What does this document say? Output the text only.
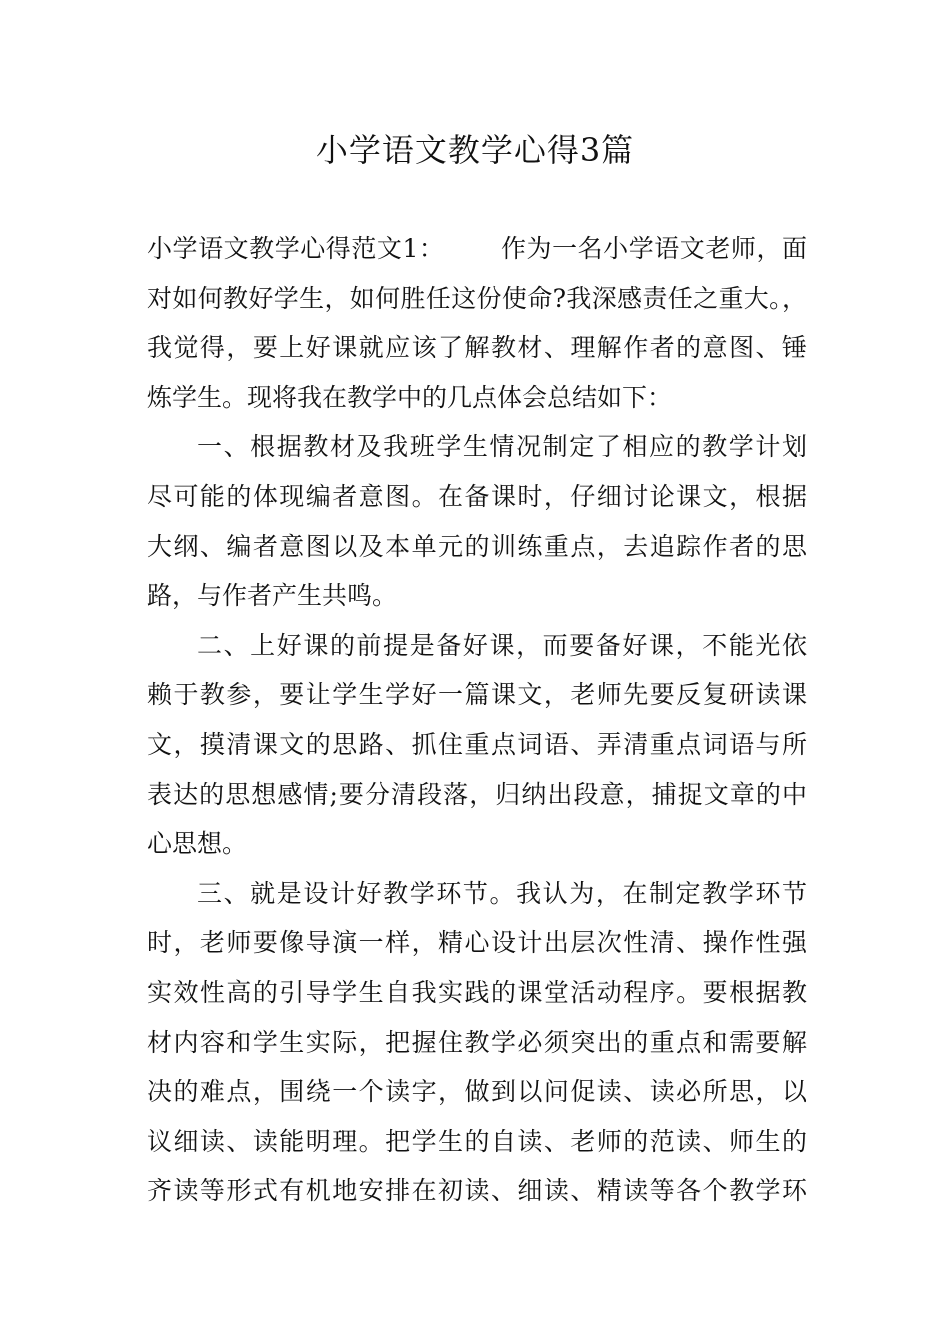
小学语文教学心得3篇
小学语文教学心得范文1： 作为一名小学语文老师，面
对如何教好学生，如何胜任这份使命?我深感责任之重大。，
我觉得，要上好课就应该了解教材、理解作者的意图、锤
炼学生。现将我在教学中的几点体会总结如下：
一、根据教材及我班学生情况制定了相应的教学计划
尽可能的体现编者意图。在备课时，仔细讨论课文，根据
大纲、编者意图以及本单元的训练重点，去追踪作者的思
路，与作者产生共鸣。
二、上好课的前提是备好课，而要备好课，不能光依
赖于教参，要让学生学好一篇课文，老师先要反复研读课
文，摸清课文的思路、抓住重点词语、弄清重点词语与所
表达的思想感情;要分清段落，归纳出段意，捕捉文章的中
心思想。
三、就是设计好教学环节。我认为，在制定教学环节
时，老师要像导演一样，精心设计出层次性清、操作性强
实效性高的引导学生自我实践的课堂活动程序。要根据教
材内容和学生实际，把握住教学必须突出的重点和需要解
决的难点，围绕一个读字，做到以问促读、读必所思，以
议细读、读能明理。把学生的自读、老师的范读、师生的
齐读等形式有机地安排在初读、细读、精读等各个教学环
